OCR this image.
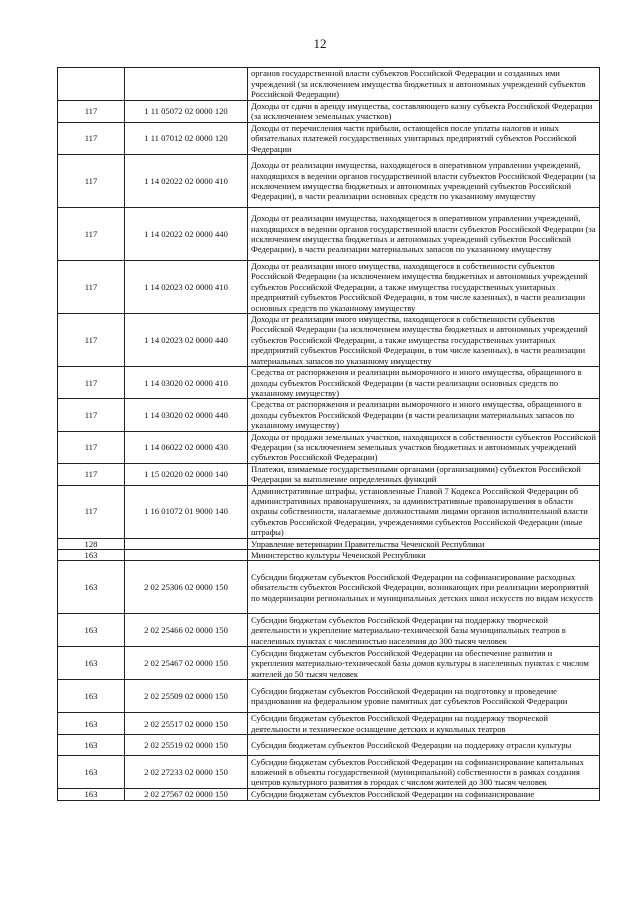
12
		органов государственной власти субъектов Российской Федерации и созданных ими учреждений (за исключением имущества бюджетных и автономных учреждений субъектов Российской Федерации)
117	1 11 05072 02 0000 120	Доходы от сдачи в аренду имущества, составляющего казну субъекта Российской Федерации (за исключением земельных участков)
117	1 11 07012 02 0000 120	Доходы от перечисления части прибыли, остающейся после уплаты налогов и иных обязательных платежей государственных унитарных предприятий субъектов Российской Федерации
117	1 14 02022 02 0000 410	Доходы от реализации имущества, находящегося в оперативном управлении учреждений, находящихся в ведении органов государственной власти субъектов Российской Федерации (за исключением имущества бюджетных и автономных учреждений субъектов Российской Федерации), в части реализации основных средств по указанному имуществу
117	1 14 02022 02 0000 440	Доходы от реализации имущества, находящегося в оперативном управлении учреждений, находящихся в ведении органов государственной власти субъектов Российской Федерации (за исключением имущества бюджетных и автономных учреждений субъектов Российской Федерации), в части реализации материальных запасов по указанному имуществу
117	1 14 02023 02 0000 410	Доходы от реализации иного имущества, находящегося в собственности субъектов Российской Федерации (за исключением имущества бюджетных и автономных учреждений субъектов Российской Федерации, а также имущества государственных унитарных предприятий субъектов Российской Федерации, в том числе казенных), в части реализации основных средств по указанному имуществу
117	1 14 02023 02 0000 440	Доходы от реализации иного имущества, находящегося в собственности субъектов Российской Федерации (за исключением имущества бюджетных и автономных учреждений субъектов Российской Федерации, а также имущества государственных унитарных предприятий субъектов Российской Федерации, в том числе казенных), в части реализации материальных запасов по указанному имуществу
117	1 14 03020 02 0000 410	Средства от распоряжения и реализации выморочного и иного имущества, обращенного в доходы субъектов Российской Федерации (в части реализации основных средств по указанному имуществу)
117	1 14 03020 02 0000 440	Средства от распоряжения и реализации выморочного и иного имущества, обращенного в доходы субъектов Российской Федерации (в части реализации материальных запасов по указанному имуществу)
117	1 14 06022 02 0000 430	Доходы от продажи земельных участков, находящихся в собственности субъектов Российской Федерации (за исключением земельных участков бюджетных и автономных учреждений субъектов Российской Федерации)
117	1 15 02020 02 0000 140	Платежи, взимаемые государственными органами (организациями) субъектов Российской Федерации за выполнение определенных функций
117	1 16 01072 01 9000 140	Административные штрафы, установленные Главой 7 Кодекса Российской Федерации об административных правонарушениях, за административные правонарушения в области охраны собственности, налагаемые должностными лицами органов исполнительной власти субъектов Российской Федерации, учреждениями субъектов Российской Федерации (иные штрафы)
128		Управление ветеринарии Правительства Чеченской Республики
163		Министерство культуры Чеченской Республики
163	2 02 25306 02 0000 150	Субсидии бюджетам субъектов Российской Федерации на софинансирование расходных обязательств субъектов Российской Федерации, возникающих при реализации мероприятий по модернизации региональных и муниципальных детских школ искусств по видам искусств
163	2 02 25466 02 0000 150	Субсидии бюджетам субъектов Российской Федерации на поддержку творческой деятельности и укрепление материально-технической базы муниципальных театров в населенных пунктах с численностью населения до 300 тысяч человек
163	2 02 25467 02 0000 150	Субсидии бюджетам субъектов Российской Федерации на обеспечение развития и укрепления материально-технической базы домов культуры в населенных пунктах с числом жителей до 50 тысяч человек
163	2 02 25509 02 0000 150	Субсидии бюджетам субъектов Российской Федерации на подготовку и проведение празднования на федеральном уровне памятных дат субъектов Российской Федерации
163	2 02 25517 02 0000 150	Субсидии бюджетам субъектов Российской Федерации на поддержку творческой деятельности и техническое оснащение детских и кукольных театров
163	2 02 25519 02 0000 150	Субсидия бюджетам субъектов Российской Федерации на поддержку отрасли культуры
163	2 02 27233 02 0000 150	Субсидии бюджетам субъектов Российской Федерации на софинансирование капитальных вложений в объекты государственной (муниципальной) собственности в рамках создания центров культурного развития в городах с числом жителей до 300 тысяч человек
163	2 02 27567 02 0000 150	Субсидии бюджетам субъектов Российской Федерации на софинансирование
